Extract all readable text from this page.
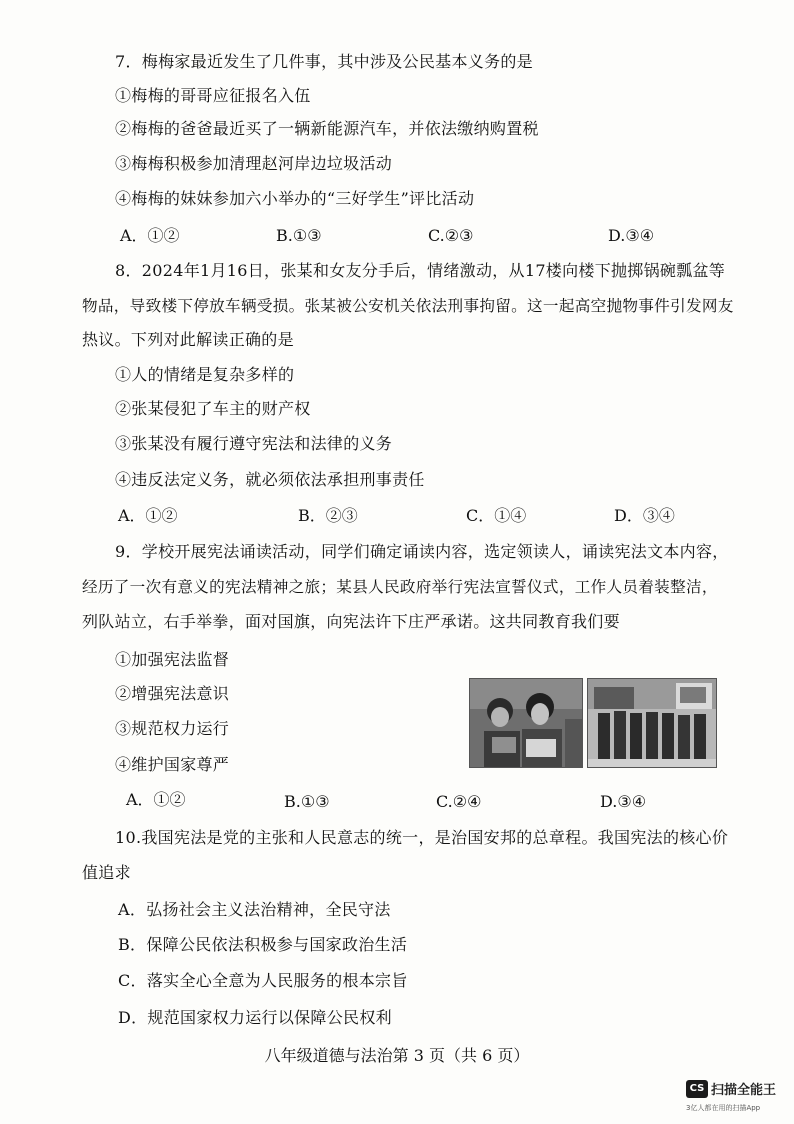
7．梅梅家最近发生了几件事，其中涉及公民基本义务的是
①梅梅的哥哥应征报名入伍
②梅梅的爸爸最近买了一辆新能源汽车，并依法缴纳购置税
③梅梅积极参加清理赵河岸边垃圾活动
④梅梅的妹妹参加六小举办的“三好学生”评比活动
A．①②	B.①③	C.②③	D.③④
8．2024年1月16日，张某和女友分手后，情绪激动，从17楼向楼下抛掷锅碗瓢盆等
物品，导致楼下停放车辆受损。张某被公安机关依法刑事拘留。这一起高空抛物事件引发网友
热议。下列对此解读正确的是
①人的情绪是复杂多样的
②张某侵犯了车主的财产权
③张某没有履行遵守宪法和法律的义务
④违反法定义务，就必须依法承担刑事责任
A．①②	B．②③	C．①④	D．③④
9．学校开展宪法诵读活动，同学们确定诵读内容，选定领读人，诵读宪法文本内容，
经历了一次有意义的宪法精神之旅；某县人民政府举行宪法宣誓仪式，工作人员着装整洁，
列队站立，右手举拳，面对国旗，向宪法许下庄严承诺。这共同教育我们要
①加强宪法监督
②增强宪法意识
③规范权力运行
④维护国家尊严
A．①②	B.①③	C.②④	D.③④
10.我国宪法是党的主张和人民意志的统一，是治国安邦的总章程。我国宪法的核心价
值追求
A．弘扬社会主义法治精神，全民守法
B．保障公民依法积极参与国家政治生活
C．落实全心全意为人民服务的根本宗旨
D．规范国家权力运行以保障公民权利
八年级道德与法治第 3 页（共 6 页）
CS 扫描全能王
3亿人都在用的扫描App
